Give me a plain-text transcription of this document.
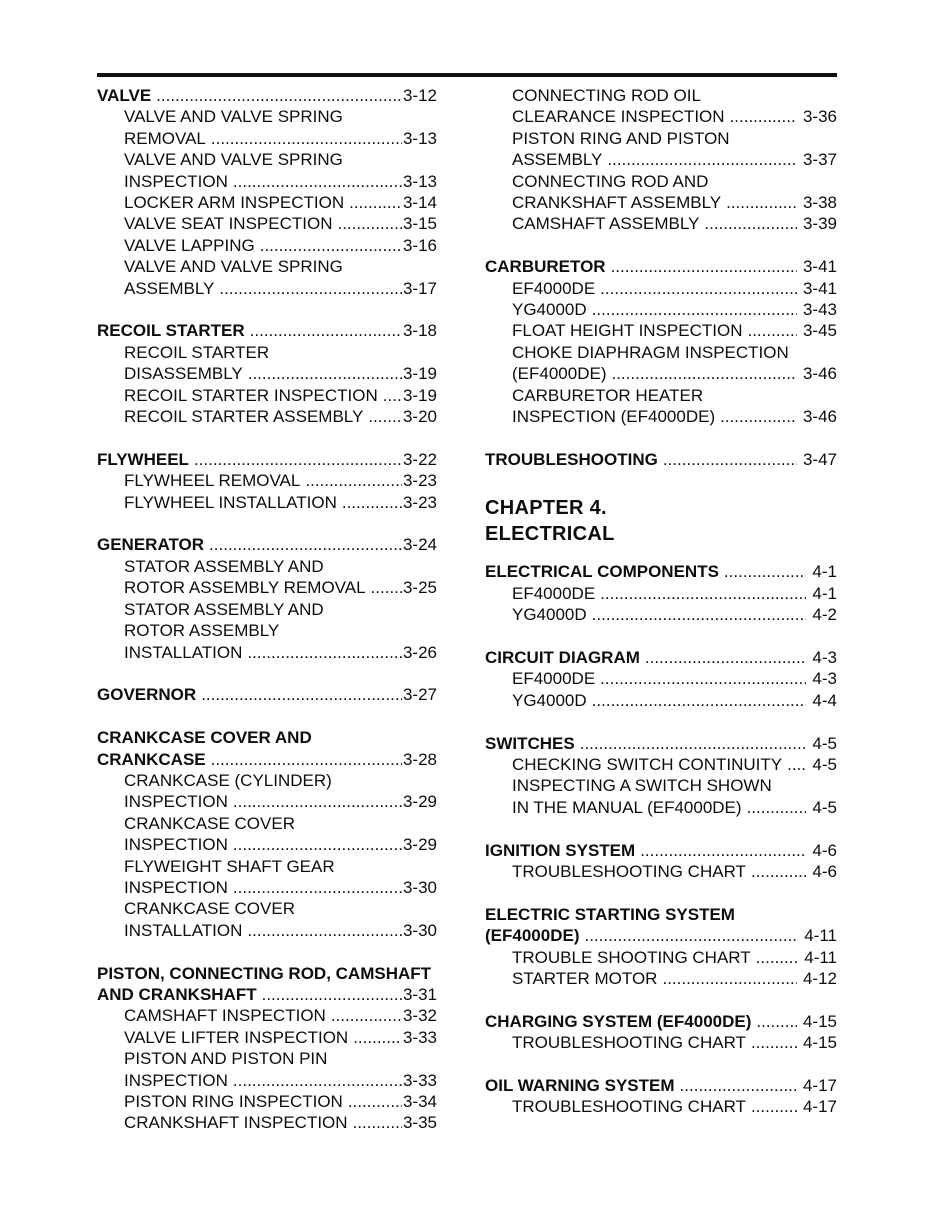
VALVE .....	3-12
VALVE AND VALVE SPRING
REMOVAL .....	3-13
VALVE AND VALVE SPRING
INSPECTION .....	3-13
LOCKER ARM INSPECTION .....	3-14
VALVE SEAT INSPECTION .....	3-15
VALVE LAPPING .....	3-16
VALVE AND VALVE SPRING
ASSEMBLY .....	3-17
RECOIL STARTER .....	3-18
RECOIL STARTER
DISASSEMBLY .....	3-19
RECOIL STARTER INSPECTION ..... 3-19
RECOIL STARTER ASSEMBLY ..... 3-20
FLYWHEEL .....	3-22
FLYWHEEL REMOVAL .....	3-23
FLYWHEEL INSTALLATION .....	3-23
GENERATOR .....	3-24
STATOR ASSEMBLY AND
ROTOR ASSEMBLY REMOVAL ..... 3-25
STATOR ASSEMBLY AND
ROTOR ASSEMBLY
INSTALLATION .....	3-26
GOVERNOR .....	3-27
CRANKCASE COVER AND
CRANKCASE .....	3-28
CRANKCASE (CYLINDER)
INSPECTION .....	3-29
CRANKCASE COVER
INSPECTION .....	3-29
FLYWEIGHT SHAFT GEAR
INSPECTION .....	3-30
CRANKCASE COVER
INSTALLATION .....	3-30
PISTON, CONNECTING ROD, CAMSHAFT
AND CRANKSHAFT .....	3-31
CAMSHAFT INSPECTION .....	3-32
VALVE LIFTER INSPECTION .....	3-33
PISTON AND PISTON PIN
INSPECTION .....	3-33
PISTON RING INSPECTION .....	3-34
CRANKSHAFT INSPECTION .....	3-35
CONNECTING ROD OIL
CLEARANCE INSPECTION .....	3-36
PISTON RING AND PISTON
ASSEMBLY .....	3-37
CONNECTING ROD AND
CRANKSHAFT ASSEMBLY .....	3-38
CAMSHAFT ASSEMBLY .....	3-39
CARBURETOR .....	3-41
EF4000DE .....	3-41
YG4000D .....	3-43
FLOAT HEIGHT INSPECTION .....	3-45
CHOKE DIAPHRAGM INSPECTION
(EF4000DE) .....	3-46
CARBURETOR HEATER
INSPECTION (EF4000DE) .....	3-46
TROUBLESHOOTING .....	3-47
CHAPTER 4.
ELECTRICAL
ELECTRICAL COMPONENTS .....	4-1
EF4000DE .....	4-1
YG4000D .....	4-2
CIRCUIT DIAGRAM .....	4-3
EF4000DE .....	4-3
YG4000D .....	4-4
SWITCHES .....	4-5
CHECKING SWITCH CONTINUITY ..... 4-5
INSPECTING A SWITCH SHOWN
IN THE MANUAL (EF4000DE) .....	4-5
IGNITION SYSTEM .....	4-6
TROUBLESHOOTING CHART .....	4-6
ELECTRIC STARTING SYSTEM
(EF4000DE) .....	4-11
TROUBLE SHOOTING CHART .....	4-11
STARTER MOTOR .....	4-12
CHARGING SYSTEM (EF4000DE) .....	4-15
TROUBLESHOOTING CHART .....	4-15
OIL WARNING SYSTEM .....	4-17
TROUBLESHOOTING CHART .....	4-17
